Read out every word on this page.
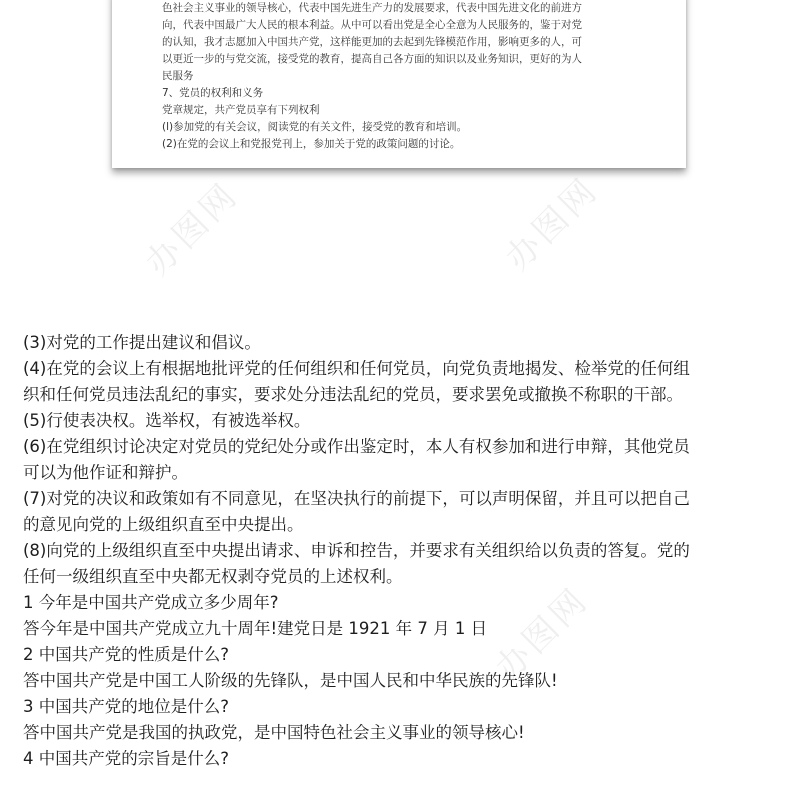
办图网	办图网
办图网
色社会主义事业的领导核心，代表中国先进生产力的发展要求，代表中国先进文化的前进方
向，代表中国最广大人民的根本利益。从中可以看出党是全心全意为人民服务的，鉴于对党
的认知，我才志愿加入中国共产党，这样能更加的去起到先锋模范作用，影响更多的人，可
以更近一步的与党交流，接受党的教育，提高自己各方面的知识以及业务知识，更好的为人
民服务
7、党员的权利和义务
党章规定，共产党员享有下列权利
(l)参加党的有关会议，阅读党的有关文件，接受党的教育和培训。
(2)在党的会议上和党报党刊上，参加关于党的政策问题的讨论。
(3)对党的工作提出建议和倡议。
(4)在党的会议上有根据地批评党的任何组织和任何党员，向党负责地揭发、检举党的任何组
织和任何党员违法乱纪的事实，要求处分违法乱纪的党员，要求罢免或撤换不称职的干部。
(5)行使表决权。选举权，有被选举权。
(6)在党组织讨论决定对党员的党纪处分或作出鉴定时，本人有权参加和进行申辩，其他党员
可以为他作证和辩护。
(7)对党的决议和政策如有不同意见，在坚决执行的前提下，可以声明保留，并且可以把自己
的意见向党的上级组织直至中央提出。
(8)向党的上级组织直至中央提出请求、申诉和控告，并要求有关组织给以负责的答复。党的
任何一级组织直至中央都无权剥夺党员的上述权利。
1 今年是中国共产党成立多少周年?
答今年是中国共产党成立九十周年!建党日是 1921 年 7 月 1 日
2 中国共产党的性质是什么?
答中国共产党是中国工人阶级的先锋队，是中国人民和中华民族的先锋队!
3 中国共产党的地位是什么?
答中国共产党是我国的执政党，是中国特色社会主义事业的领导核心!
4 中国共产党的宗旨是什么?
